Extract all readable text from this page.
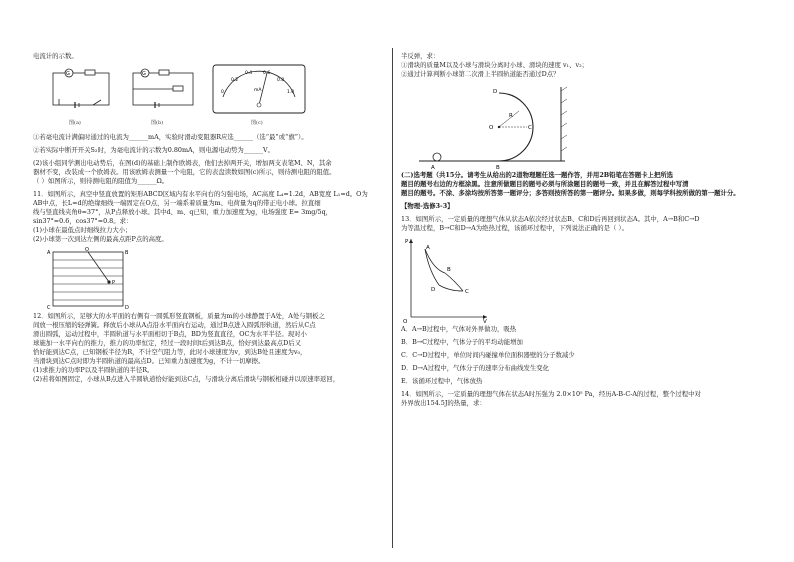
电流计的示数。
G	G
0
0.2
0.4 0.6
0.8
1.0
mA
图(a)	图(b)	图(c)
①若毫电流计满偏时通过的电流为______mA，实验时滑动变阻器R应选______（选“最”或“旗”）。
②若实际中断开开关S₂时，为毫电流计的示数为0.80mA，则电源电动势为______V。
(2)该小组同学测出电动势后，在图(d)的基础上制作欧姆表，他们去掉两开关，增加两支表笔M、N，其余
器材不变，改装成一个欧姆表。用该欧姆表测量一个电阻，它的表盘读数如图(c)所示，则待测电阻的阻值。
（ ）如图所示，则待测电阻的阻值为______Ω。
11．如图所示，真空中竖直放置的矩形ABCD区域内有水平向右的匀强电场，AC高度 L₄=1.2d，AB宽度 L₁=d。O为
AB中点，长L=d的绝缘细线一端固定在O点，另一端系着质量为m、电荷量为q的带正电小球。拉直细
线与竖直线夹角θ=37°，从P点释放小球。其中d、m、q已知，重力加速度为g，电场强度 E= 3mg/5q，
sin37°=0.6，cos37°=0.8。求：
(1)小球在最低点时细线拉力大小；
(2)小球第一次到达左侧的最高点距P点的高度。
A	O	B
P
C	D
12．如图所示，足够大的水平面的右侧有一圆弧形竖直钢板，质量为m的小球静置于A处，A处与钢板之
间放一根压缩的轻弹簧。释放后小球从A点沿水平面向右运动，通过B点进入圆弧形轨道，然后从C点
滑出圆弧，运动过程中，半圆轨道与水平面相切于B点，BD为竖直直径，OC为水平半径。现对小
球施加一水平向右的推力，推力的功率恒定，经过一段时间t后到达B点，恰好到达最高点D后又
恰好能到达C点，已知钢板半径为R，不计空气阻力等，此时小球速度为v，到达B处且速度为v₀，
当滑块到达C点时即为半圆轨道的最高点D。已知重力加速度为g，不计一切摩擦。
(1)求推力的功率P以及半圆轨道的半径R。
(2)若将如图固定，小球从B点进入半圆轨道恰好能到达C点，与滑块分离后滑块与钢板相碰并以原速率返回，
半反弹，求：
①滑块的质量M以及小球与滑块分离时小球、滑块的速度 v₁、v₂；
②通过计算判断小球第二次滑上半圆轨道能否通过D点？
D
R
O	C
A	B
(二)选考题（共15分。请考生从给出的2道物理题任选一题作答，并用2B铅笔在答题卡上把所选
题目的题号右边的方框涂黑。注意所做题目的题号必须与所涂题目的题号一致，并且在解答过程中写清
题目的题号。不涂、多涂均按所答第一题评分；多答则按所答的第一题评分。如果多做，则每学科按所做的第一题计分。
【物理-选修3-3】
13．如图所示，一定质量的理想气体从状态A依次经过状态B、C和D后再回到状态A。其中，A→B和C→D
为等温过程，B→C和D→A为绝热过程，该循环过程中，下列说法正确的是（ ）。
P
V
O
A
B
C
D
A．A→B过程中，气体对外界做功，吸热
B．B→C过程中，气体分子的平均动能增加
C．C→D过程中，单位时间内碰撞单位面积器壁的分子数减少
D．D→A过程中，气体分子的速率分布曲线发生变化
E．该循环过程中，气体放热
14．如图所示，一定质量的理想气体在状态A时压强为 2.0×10⁵ Pa，经历A-B-C-A的过程，整个过程中对
外界放出154.5J的热量，求：
